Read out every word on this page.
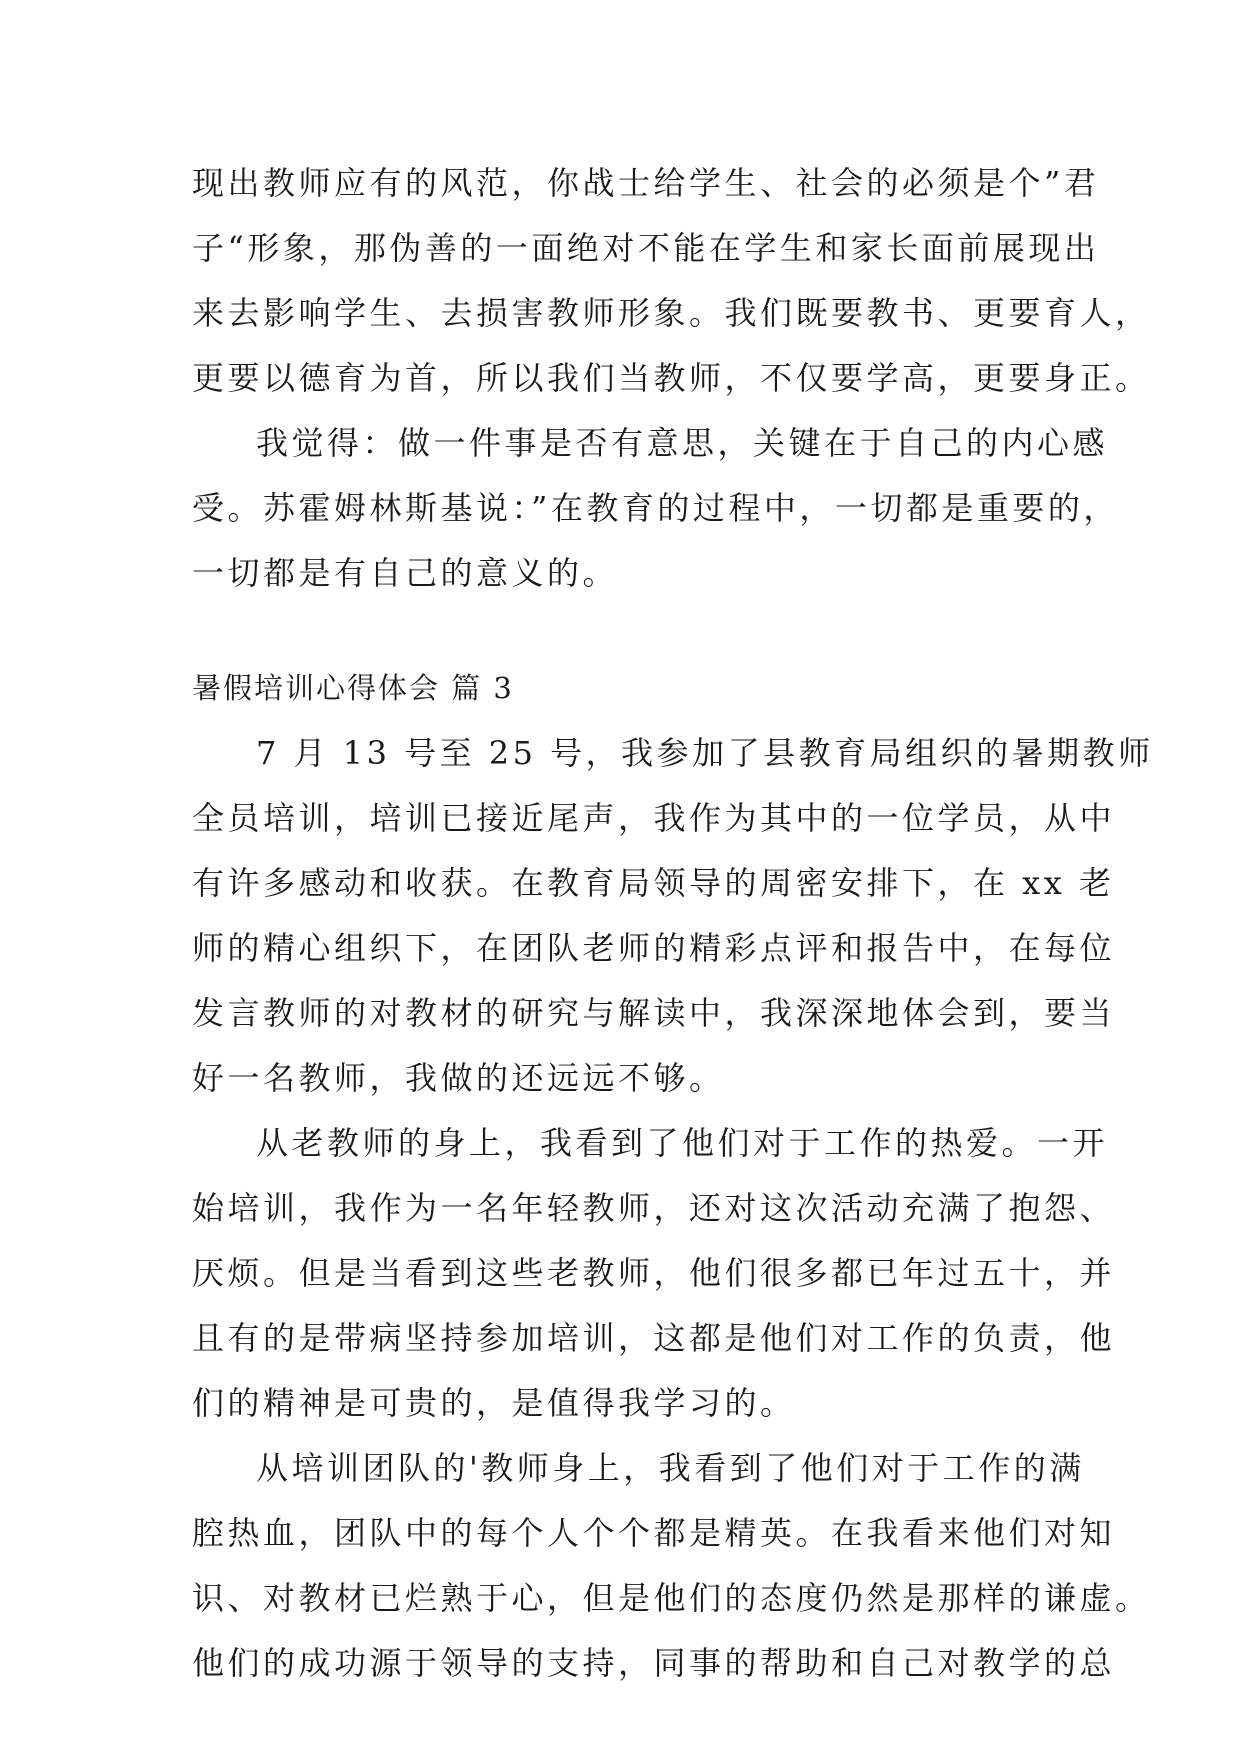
现出教师应有的风范，你战士给学生、社会的必须是个”君
子“形象，那伪善的一面绝对不能在学生和家长面前展现出
来去影响学生、去损害教师形象。我们既要教书、更要育人，
更要以德育为首，所以我们当教师，不仅要学高，更要身正。
我觉得：做一件事是否有意思，关键在于自己的内心感
受。苏霍姆林斯基说：”在教育的过程中，一切都是重要的，
一切都是有自己的意义的。
暑假培训心得体会 篇 3
7 月 13 号至 25 号，我参加了县教育局组织的暑期教师
全员培训，培训已接近尾声，我作为其中的一位学员，从中
有许多感动和收获。在教育局领导的周密安排下，在 xx 老
师的精心组织下，在团队老师的精彩点评和报告中，在每位
发言教师的对教材的研究与解读中，我深深地体会到，要当
好一名教师，我做的还远远不够。
从老教师的身上，我看到了他们对于工作的热爱。一开
始培训，我作为一名年轻教师，还对这次活动充满了抱怨、
厌烦。但是当看到这些老教师，他们很多都已年过五十，并
且有的是带病坚持参加培训，这都是他们对工作的负责，他
们的精神是可贵的，是值得我学习的。
从培训团队的'教师身上，我看到了他们对于工作的满
腔热血，团队中的每个人个个都是精英。在我看来他们对知
识、对教材已烂熟于心，但是他们的态度仍然是那样的谦虚。
他们的成功源于领导的支持，同事的帮助和自己对教学的总
